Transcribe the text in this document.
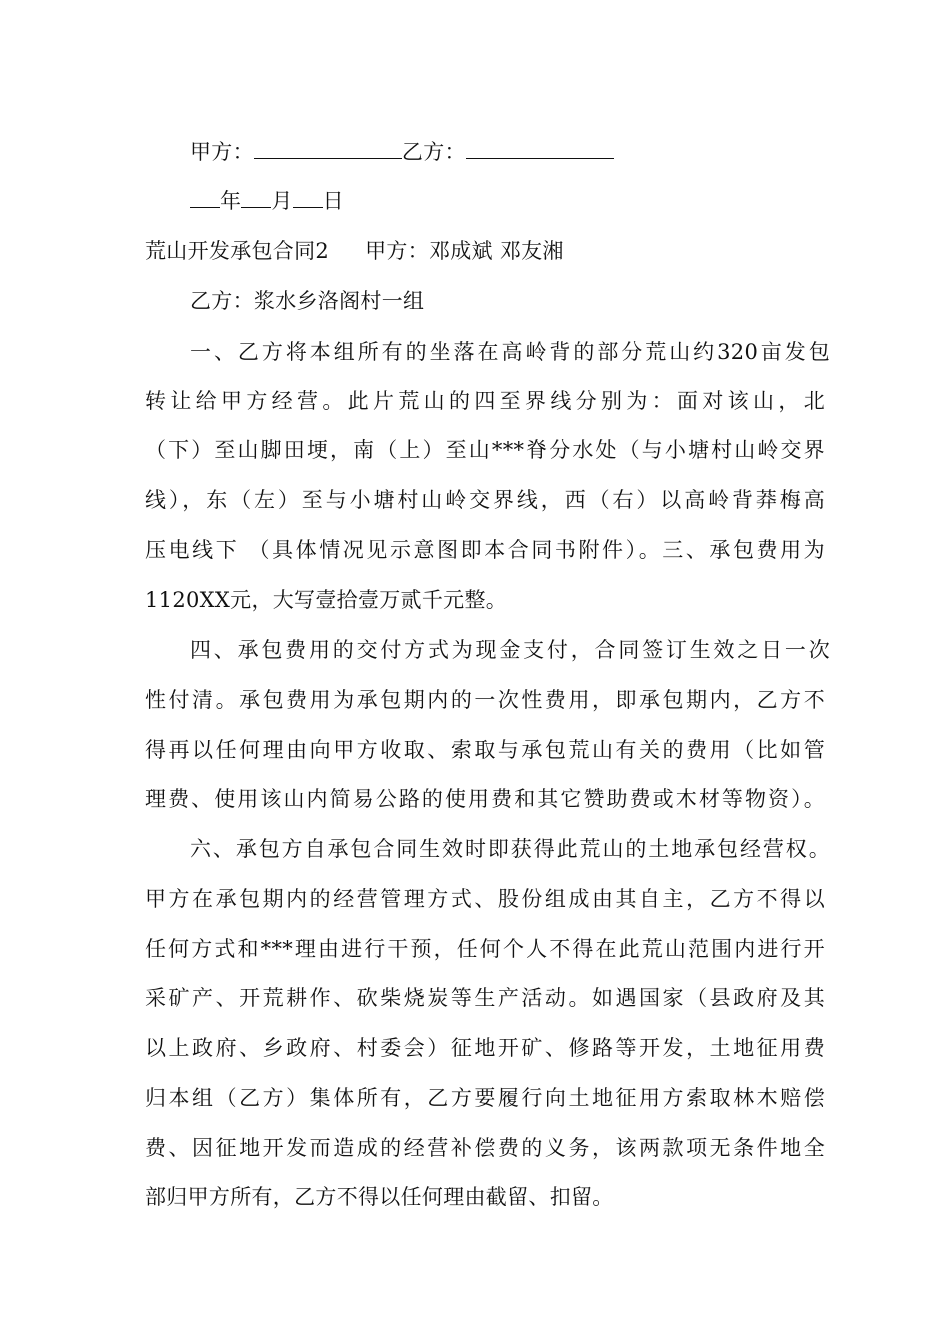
甲方：	乙方：
年 月 日
荒山开发承包合同2 甲方：邓成斌 邓友湘
乙方：浆水乡洛阁村一组
一、乙方将本组所有的坐落在高岭背的部分荒山约320亩发包
转让给甲方经营。此片荒山的四至界线分别为：面对该山，北
（下）至山脚田埂，南（上）至山***脊分水处（与小塘村山岭交界
线），东（左）至与小塘村山岭交界线，西（右）以高岭背莽梅高
压电线下 （具体情况见示意图即本合同书附件）。三、承包费用为
1120XX元，大写壹拾壹万贰千元整。
四、承包费用的交付方式为现金支付，合同签订生效之日一次
性付清。承包费用为承包期内的一次性费用，即承包期内，乙方不
得再以任何理由向甲方收取、索取与承包荒山有关的费用（比如管
理费、使用该山内简易公路的使用费和其它赞助费或木材等物资）。
六、承包方自承包合同生效时即获得此荒山的土地承包经营权。
甲方在承包期内的经营管理方式、股份组成由其自主，乙方不得以
任何方式和***理由进行干预，任何个人不得在此荒山范围内进行开
采矿产、开荒耕作、砍柴烧炭等生产活动。如遇国家（县政府及其
以上政府、乡政府、村委会）征地开矿、修路等开发，土地征用费
归本组（乙方）集体所有，乙方要履行向土地征用方索取林木赔偿
费、因征地开发而造成的经营补偿费的义务，该两款项无条件地全
部归甲方所有，乙方不得以任何理由截留、扣留。
